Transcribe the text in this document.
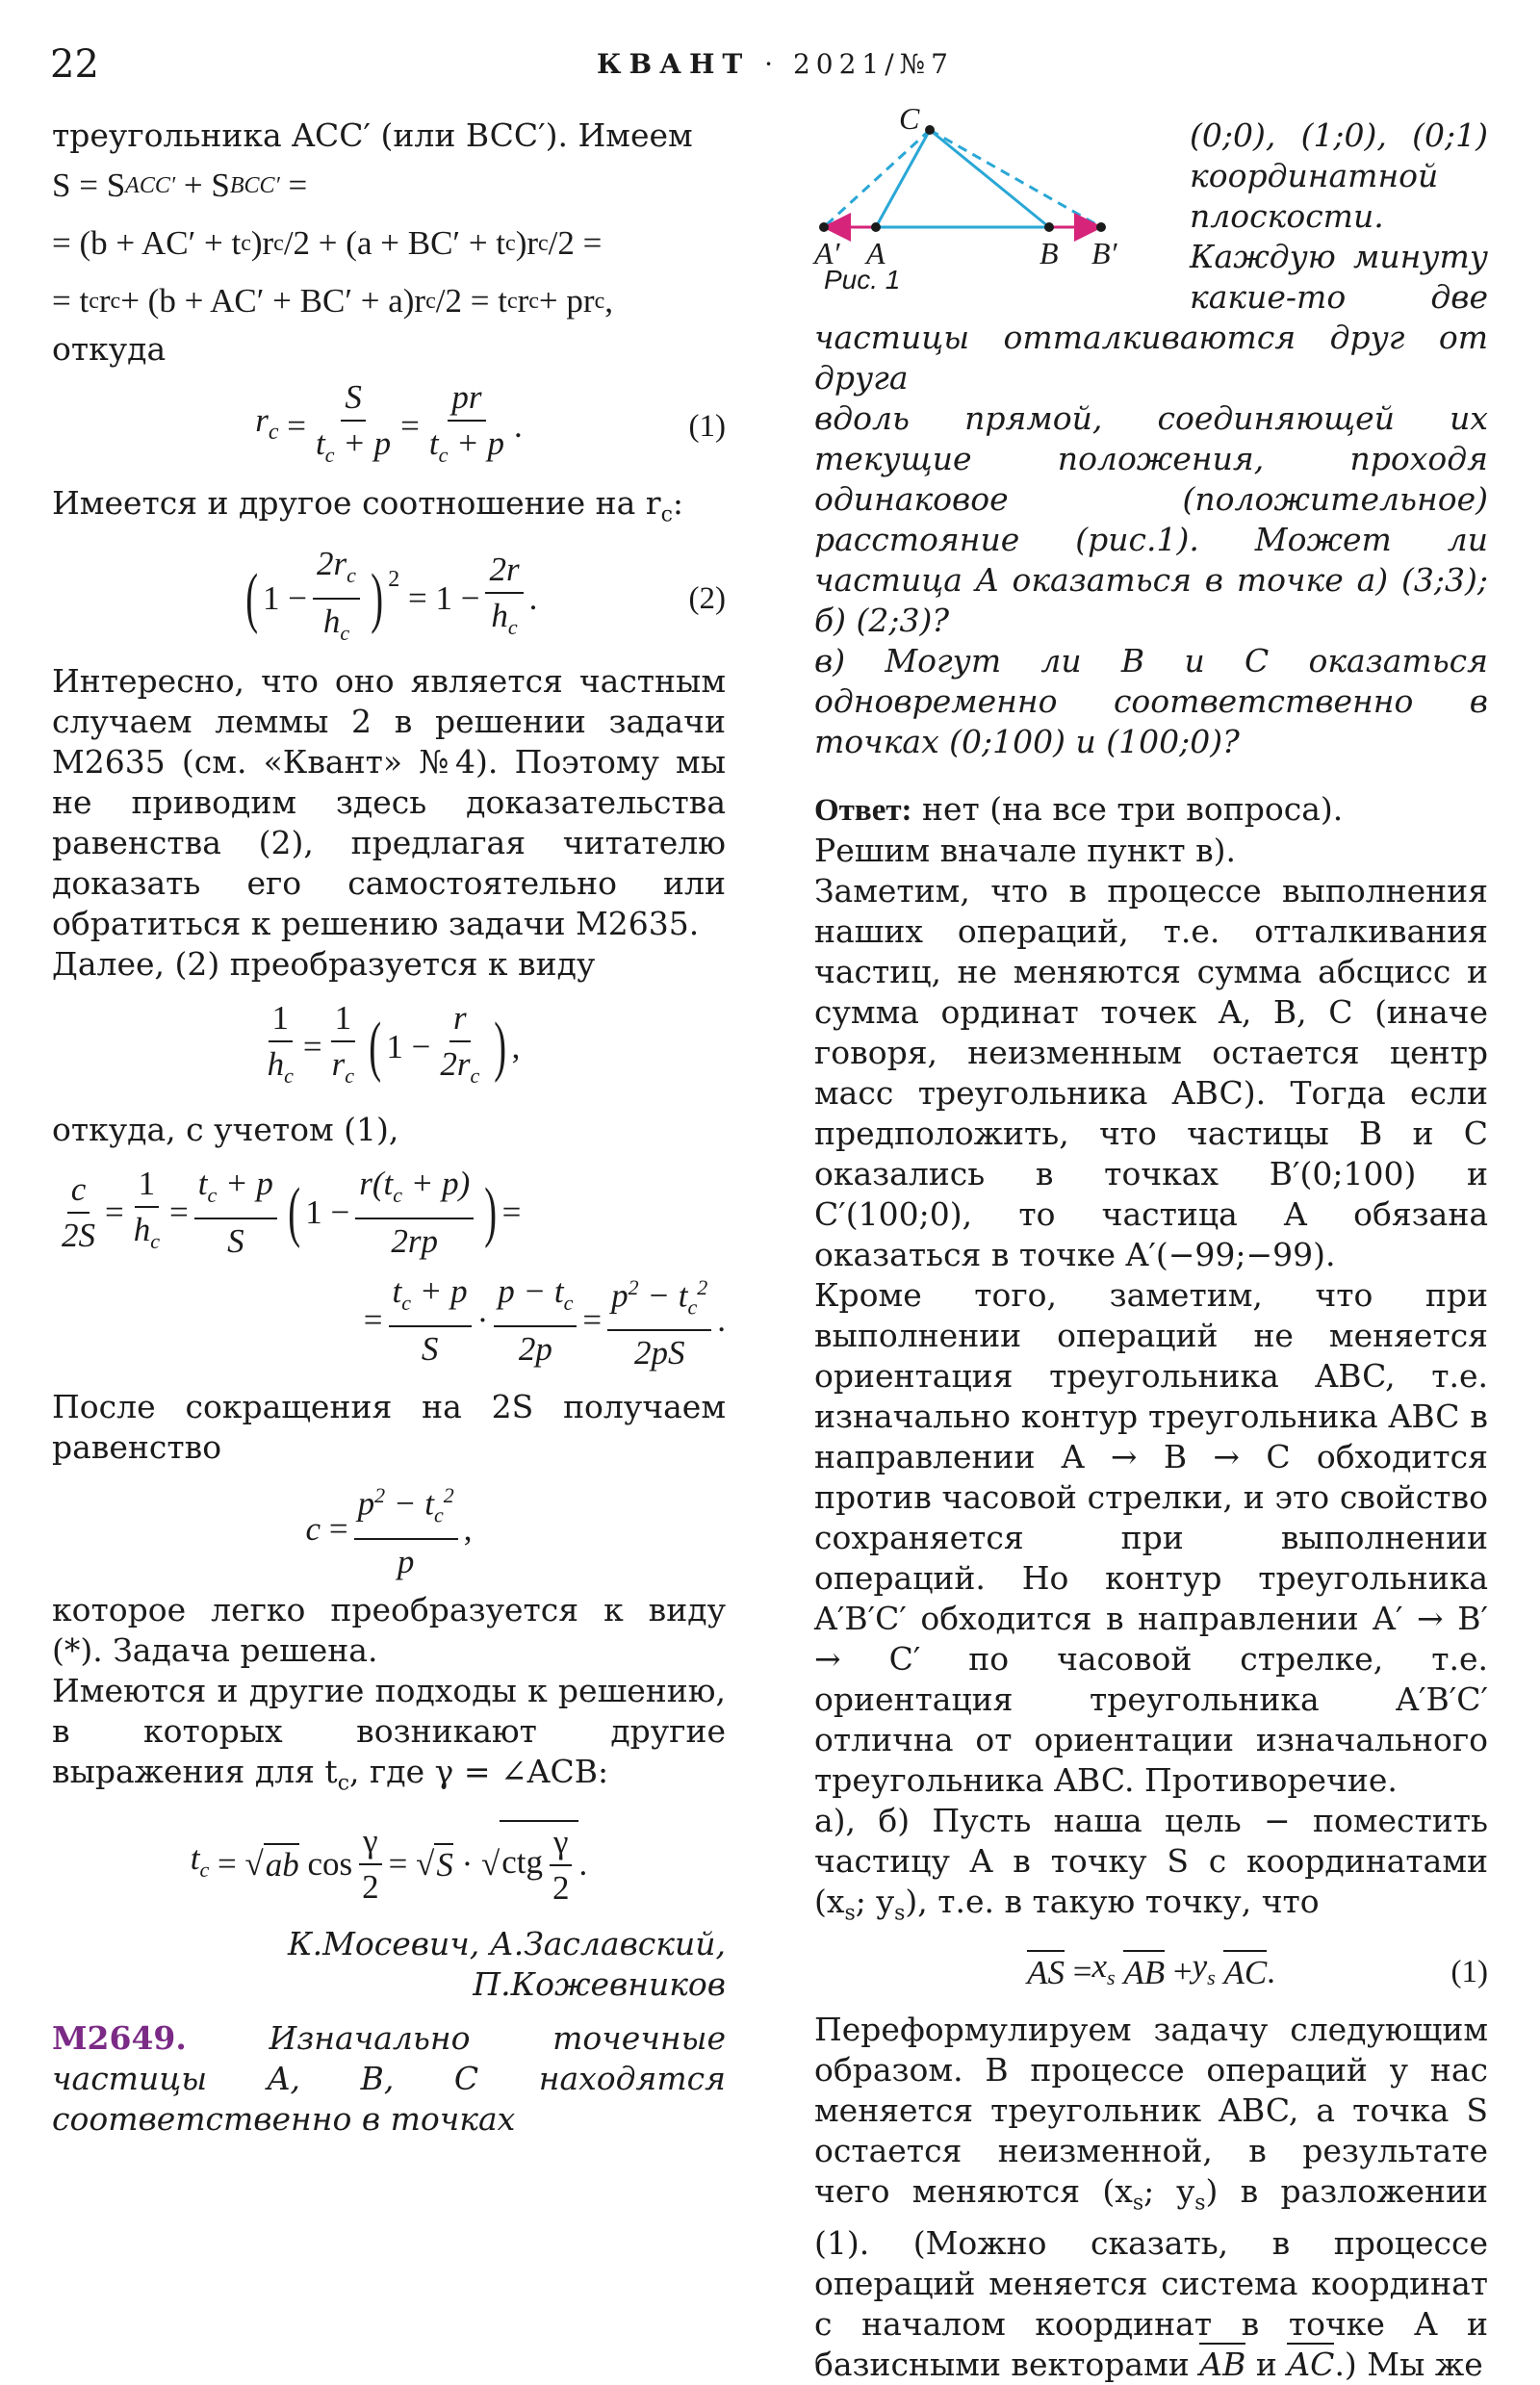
22	КВАНТ · 2021/№7

треугольника ACC′ (или BCC′). Имеем

S = S ACC′ + S BCC′ =
= (b + AC′ + t c )r c /2 + (a + BC′ + t c )r c /2 =
= t c r c + (b + AC′ + BC′ + a)r c /2 = t c r c + pr c ,

откуда

$r_c = \frac{S}{t_c + p} = \frac{pr}{t_c + p}$ .	(1)

Имеется и другое соотношение на $r_c$:

( $1 - \frac{2r_c}{h_c} )^2 = 1 - \frac{2r}{h_c}$ .	(2)

Интересно, что оно является частным случаем леммы 2 в решении задачи М2635 (см. «Квант» №4). Поэтому мы не приводим здесь доказательства равенства (2), предлагая читателю доказать его самостоятельно или обратиться к решению задачи М2635.

Далее, (2) преобразуется к виду

$\frac{1}{h_c} = \frac{1}{r_c}$ ( $1 - \frac{r}{2r_c}$ ) ,

откуда, с учетом (1),

$\frac{c}{2S} = \frac{1}{h_c} = \frac{t_c + p}{S}$ ( $1 - \frac{r(t_c + p)}{2rp}$ ) =
= $\frac{t_c + p}{S} \cdot \frac{p - t_c}{2p} = \frac{p^2 - t_c^2}{2pS}$ .

После сокращения на 2S получаем равенство

$c = \frac{p^2 - t_c^2}{p}$ ,

которое легко преобразуется к виду (*). Задача решена.

Имеются и другие подходы к решению, в которых возникают другие выражения для $t_c$, где γ = ∠ACB:

$t_c$ = √ ab $\cos \frac{\gamma}{2}$ = √ S · √ ctg $\frac{\gamma}{2}$ .

К.Мосевич, А.Заславский,

П.Кожевников

М2649. Изначально точечные частицы A, B, C находятся соответственно в точках

C
A′ A	B B′
Рис. 1

(0;0), (1;0), (0;1) координатной плоскости. Каждую минуту какие-то две частицы отталкиваются друг от друга

вдоль прямой, соединяющей их текущие положения, проходя одинаковое (положительное) расстояние (рис.1). Может ли частица A оказаться в точке а) (3;3); б) (2;3)?

в) Могут ли B и C оказаться одновременно соответственно в точках (0;100) и (100;0)?

Ответ: нет (на все три вопроса).

Решим вначале пункт в).

Заметим, что в процессе выполнения наших операций, т.е. отталкивания частиц, не меняются сумма абсцисс и сумма ординат точек A, B, C (иначе говоря, неизменным остается центр масс треугольника ABC). Тогда если предположить, что частицы B и C оказались в точках B′(0;100) и C′(100;0), то частица A обязана оказаться в точке A′(−99;−99).

Кроме того, заметим, что при выполнении операций не меняется ориентация треугольника ABC, т.е. изначально контур треугольника ABC в направлении A → B → C обходится против часовой стрелки, и это свойство сохраняется при выполнении операций. Но контур треугольника A′B′C′ обходится в направлении A′ → B′ → C′ по часовой стрелке, т.е. ориентация треугольника A′B′C′ отлична от ориентации изначального треугольника ABC. Противоречие.

а), б) Пусть наша цель − поместить частицу A в точку S с координатами ($x_s$; $y_s$), т.е. в такую точку, что

AS = $x_s$
AB + $y_s$
AC .	(1)

Переформулируем задачу следующим образом. В процессе операций у нас меняется треугольник ABC, а точка S остается неизменной, в результате чего меняются ($x_s$; $y_s$) в разложении (1). (Можно сказать, в процессе операций меняется система координат с началом координат в точке A и базисными векторами AB и AC.) Мы же
